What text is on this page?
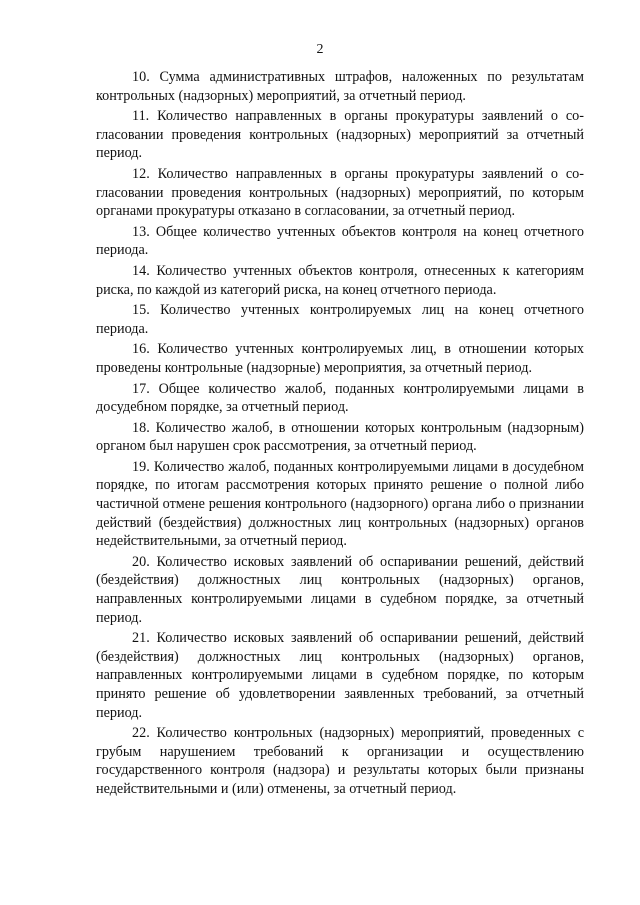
2

10. Сумма административных штрафов, наложенных по результатам контрольных (надзорных) мероприятий, за отчетный период.

11. Количество направленных в органы прокуратуры заявлений о согласовании проведения контрольных (надзорных) мероприятий за отчетный период.

12. Количество направленных в органы прокуратуры заявлений о согласовании проведения контрольных (надзорных) мероприятий, по которым органами прокуратуры отказано в согласовании, за отчетный период.

13. Общее количество учтенных объектов контроля на конец отчетного периода.

14. Количество учтенных объектов контроля, отнесенных к категориям риска, по каждой из категорий риска, на конец отчетного периода.

15. Количество учтенных контролируемых лиц на конец отчетного периода.

16. Количество учтенных контролируемых лиц, в отношении которых проведены контрольные (надзорные) мероприятия, за отчетный период.

17. Общее количество жалоб, поданных контролируемыми лицами в досудебном порядке, за отчетный период.

18. Количество жалоб, в отношении которых контрольным (надзорным) органом был нарушен срок рассмотрения, за отчетный период.

19. Количество жалоб, поданных контролируемыми лицами в досудебном порядке, по итогам рассмотрения которых принято решение о полной либо частичной отмене решения контрольного (надзорного) органа либо о признании действий (бездействия) должностных лиц контрольных (надзорных) органов недействительными, за отчетный период.

20. Количество исковых заявлений об оспаривании решений, действий (бездействия) должностных лиц контрольных (надзорных) органов, направленных контролируемыми лицами в судебном порядке, за отчетный период.

21. Количество исковых заявлений об оспаривании решений, действий (бездействия) должностных лиц контрольных (надзорных) органов, направленных контролируемыми лицами в судебном порядке, по которым принято решение об удовлетворении заявленных требований, за отчетный период.

22. Количество контрольных (надзорных) мероприятий, проведенных с грубым нарушением требований к организации и осуществлению государственного контроля (надзора) и результаты которых были признаны недействительными и (или) отменены, за отчетный период.
